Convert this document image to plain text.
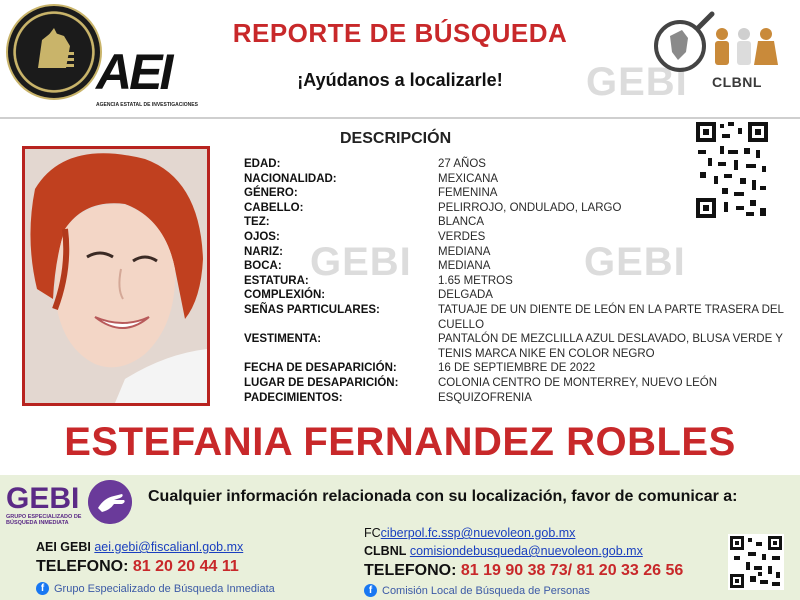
AEI
AGENCIA ESTATAL DE INVESTIGACIONES
REPORTE DE BÚSQUEDA
¡Ayúdanos a localizarle!	GEBI CLBNL
DESCRIPCIÓN
EDAD:	27 AÑOS
NACIONALIDAD:	MEXICANA
GÉNERO:	FEMENINA
CABELLO:	PELIRROJO, ONDULADO, LARGO
TEZ:	BLANCA
OJOS:	VERDES
NARIZ:	MEDIANA
BOCA:	MEDIANA
ESTATURA:	1.65 METROS
COMPLEXIÓN:	DELGADA
SEÑAS PARTICULARES:	TATUAJE DE UN DIENTE DE LEÓN EN LA PARTE TRASERA DEL CUELLO
VESTIMENTA:	PANTALÓN DE MEZCLILLA AZUL DESLAVADO, BLUSA VERDE Y TENIS MARCA NIKE EN COLOR NEGRO
FECHA DE DESAPARICIÓN:	16 DE SEPTIEMBRE DE 2022
LUGAR DE DESAPARICIÓN:	COLONIA CENTRO DE MONTERREY, NUEVO LEÓN
PADECIMIENTOS:	ESQUIZOFRENIA
GEBI	GEBI
ESTEFANIA FERNANDEZ ROBLES
GEBI
GRUPO ESPECIALIZADO DE BÚSQUEDA INMEDIATA
Cualquier información relacionada con su localización, favor de comunicar a:
AEI GEBI aei.gebi@fiscalianl.gob.mx
TELEFONO: 81 20 20 44 11
f Grupo Especializado de Búsqueda Inmediata
FCciberpol.fc.ssp@nuevoleon.gob.mx
CLBNL comisiondebusqueda@nuevoleon.gob.mx
TELEFONO: 81 19 90 38 73/ 81 20 33 26 56
f Comisión Local de Búsqueda de Personas
